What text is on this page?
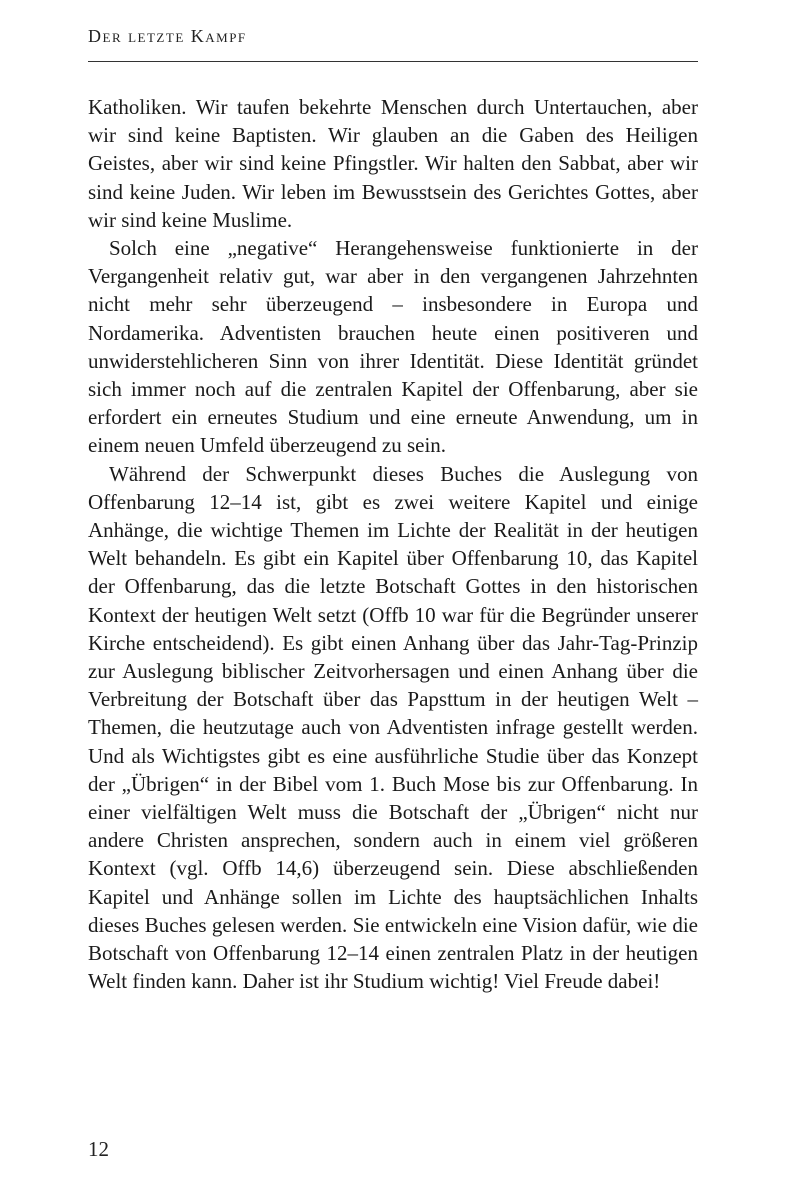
Der letzte Kampf

Katholiken. Wir taufen bekehrte Menschen durch Untertauchen, aber wir sind keine Baptisten. Wir glauben an die Gaben des Heiligen Geistes, aber wir sind keine Pfingstler. Wir halten den Sabbat, aber wir sind keine Juden. Wir leben im Bewusstsein des Gerichtes Gottes, aber wir sind keine Muslime.

Solch eine „negative“ Herangehensweise funktionierte in der Vergangenheit relativ gut, war aber in den vergangenen Jahrzehnten nicht mehr sehr überzeugend – insbesondere in Europa und Nordamerika. Adventisten brauchen heute einen positiveren und unwiderstehlicheren Sinn von ihrer Identität. Diese Identität gründet sich immer noch auf die zentralen Kapitel der Offenbarung, aber sie erfordert ein erneutes Studium und eine erneute Anwendung, um in einem neuen Umfeld überzeugend zu sein.

Während der Schwerpunkt dieses Buches die Auslegung von Offenbarung 12–14 ist, gibt es zwei weitere Kapitel und einige Anhänge, die wichtige Themen im Lichte der Realität in der heutigen Welt behandeln. Es gibt ein Kapitel über Offenbarung 10, das Kapitel der Offenbarung, das die letzte Botschaft Gottes in den historischen Kontext der heutigen Welt setzt (Offb 10 war für die Begründer unserer Kirche entscheidend). Es gibt einen Anhang über das Jahr-Tag-Prinzip zur Auslegung biblischer Zeitvorhersagen und einen Anhang über die Verbreitung der Botschaft über das Papsttum in der heutigen Welt – Themen, die heutzutage auch von Adventisten infrage gestellt werden. Und als Wichtigstes gibt es eine ausführliche Studie über das Konzept der „Übrigen“ in der Bibel vom 1. Buch Mose bis zur Offenbarung. In einer vielfältigen Welt muss die Botschaft der „Übrigen“ nicht nur andere Christen ansprechen, sondern auch in einem viel größeren Kontext (vgl. Offb 14,6) überzeugend sein. Diese abschließenden Kapitel und Anhänge sollen im Lichte des hauptsächlichen Inhalts dieses Buches gelesen werden. Sie entwickeln eine Vision dafür, wie die Botschaft von Offenbarung 12–14 einen zentralen Platz in der heutigen Welt finden kann. Daher ist ihr Studium wichtig! Viel Freude dabei!

12
